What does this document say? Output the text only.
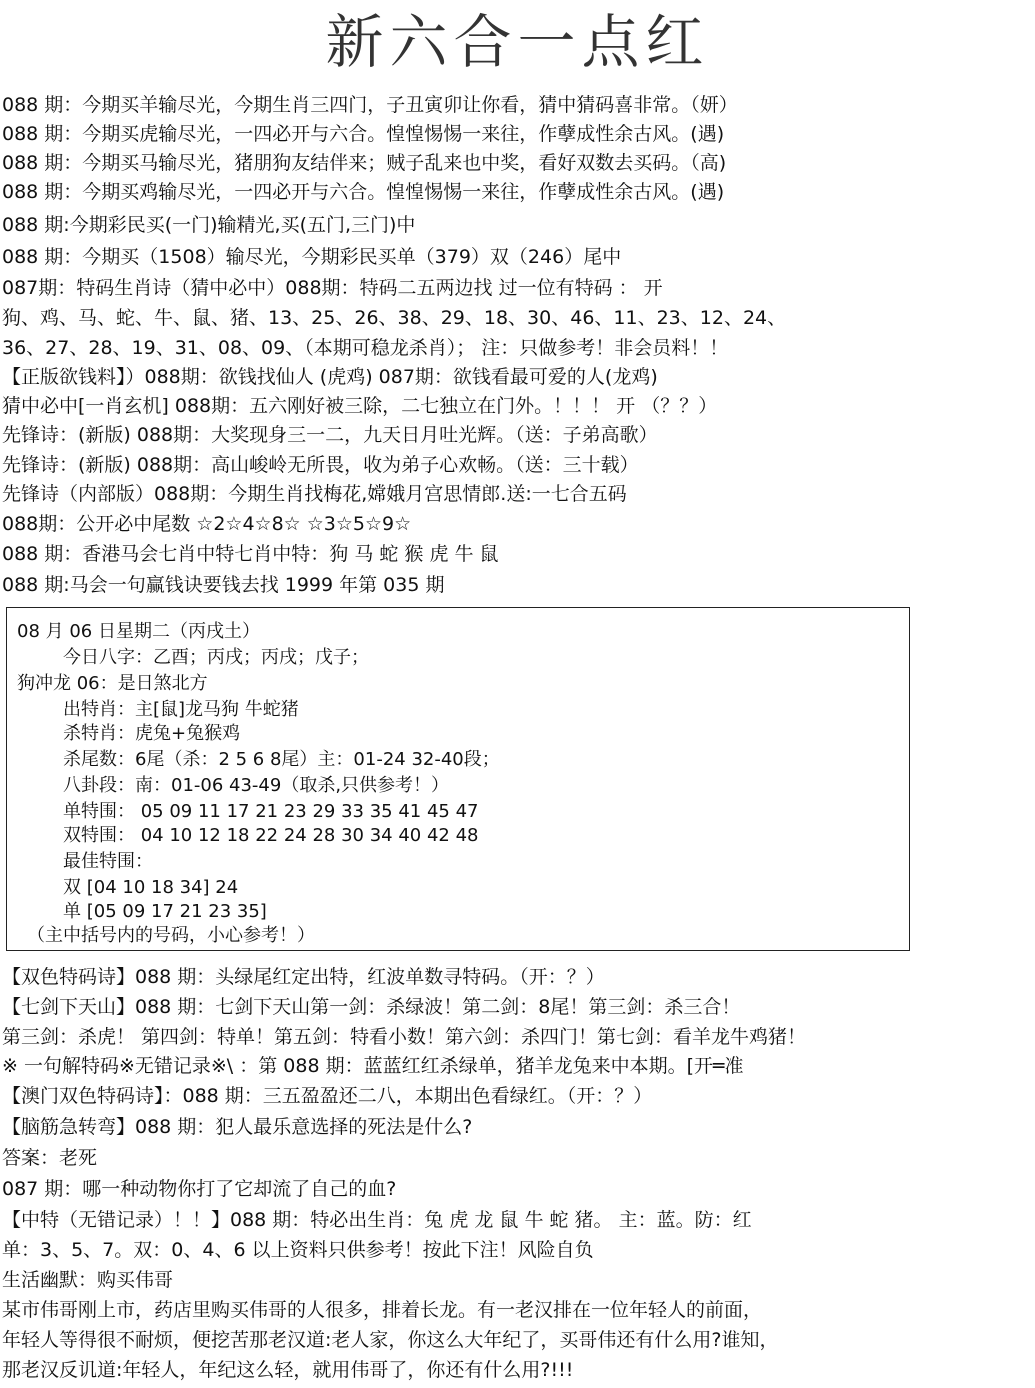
新六合一点红
088 期：今期买羊输尽光，今期生肖三四门，子丑寅卯让你看，猜中猜码喜非常。（妍）
088 期：今期买虎输尽光，一四必开与六合。惶惶惕惕一来往，作孽成性余古风。(遇)
088 期：今期买马输尽光，猪朋狗友结伴来；贼子乱来也中奖，看好双数去买码。（高)
088 期：今期买鸡输尽光，一四必开与六合。惶惶惕惕一来往，作孽成性余古风。(遇)
088 期:今期彩民买(一门)输精光,买(五门,三门)中
088 期：今期买（1508）输尽光，今期彩民买单（379）双（246）尾中
087期：特码生肖诗（猜中必中）088期：特码二五两边找 过一位有特码 ： 开
狗、鸡、马、蛇、牛、鼠、猪、13、25、26、38、29、18、30、46、11、23、12、24、
36、27、28、19、31、08、09、（本期可稳龙杀肖）； 注：只做参考！非会员料！！
【正版欲钱料】）088期：欲钱找仙人 (虎鸡) 087期：欲钱看最可爱的人(龙鸡)
猜中必中[一肖玄机] 088期：五六刚好被三除，二七独立在门外。！！！ 开 （？？）
先锋诗：(新版) 088期：大奖现身三一二，九天日月吐光辉。（送：子弟高歌）
先锋诗：(新版) 088期：高山峻岭无所畏，收为弟子心欢畅。（送：三十载）
先锋诗（内部版）088期：今期生肖找梅花,嫦娥月宫思情郎.送:一七合五码
088期：公开必中尾数 ☆2☆4☆8☆ ☆3☆5☆9☆
088 期：香港马会七肖中特七肖中特：狗 马 蛇 猴 虎 牛 鼠
088 期:马会一句赢钱诀要钱去找 1999 年第 035 期
08 月 06 日星期二（丙戌土）
今日八字：乙酉；丙戌；丙戌；戊子；
狗冲龙 06：是日煞北方
出特肖：主[鼠]龙马狗 牛蛇猪
杀特肖：虎兔+兔猴鸡
杀尾数：6尾（杀：2 5 6 8尾）主：01-24 32-40段；
八卦段：南：01-06 43-49（取杀,只供参考！）
单特围： 05 09 11 17 21 23 29 33 35 41 45 47
双特围： 04 10 12 18 22 24 28 30 34 40 42 48
最佳特围：
双 [04 10 18 34] 24
单 [05 09 17 21 23 35]
（主中括号内的号码，小心参考！）
【双色特码诗】088 期：头绿尾红定出特，红波单数寻特码。（开：？）
【七剑下天山】088 期：七剑下天山第一剑：杀绿波！第二剑：8尾！第三剑：杀三合！
第三剑：杀虎！ 第四剑：特单！第五剑：特看小数！第六剑：杀四门！第七剑：看羊龙牛鸡猪！
※ 一句解特码※无错记录※\ ：第 088 期：蓝蓝红红杀绿单，猪羊龙兔来中本期。[开═准
【澳门双色特码诗】：088 期：三五盈盈还二八，本期出色看绿红。（开：？）
【脑筋急转弯】088 期：犯人最乐意选择的死法是什么?
答案：老死
087 期：哪一种动物你打了它却流了自己的血?
【中特（无错记录）！！】088 期：特必出生肖：兔 虎 龙 鼠 牛 蛇 猪。 主：蓝。防：红
单：3、5、7。双：0、4、6 以上资料只供参考！按此下注！风险自负
生活幽默：购买伟哥
某市伟哥刚上市，药店里购买伟哥的人很多，排着长龙。有一老汉排在一位年轻人的前面，
年轻人等得很不耐烦，便挖苦那老汉道:老人家，你这么大年纪了，买哥伟还有什么用?谁知，
那老汉反讥道:年轻人，年纪这么轻，就用伟哥了，你还有什么用?!!!
